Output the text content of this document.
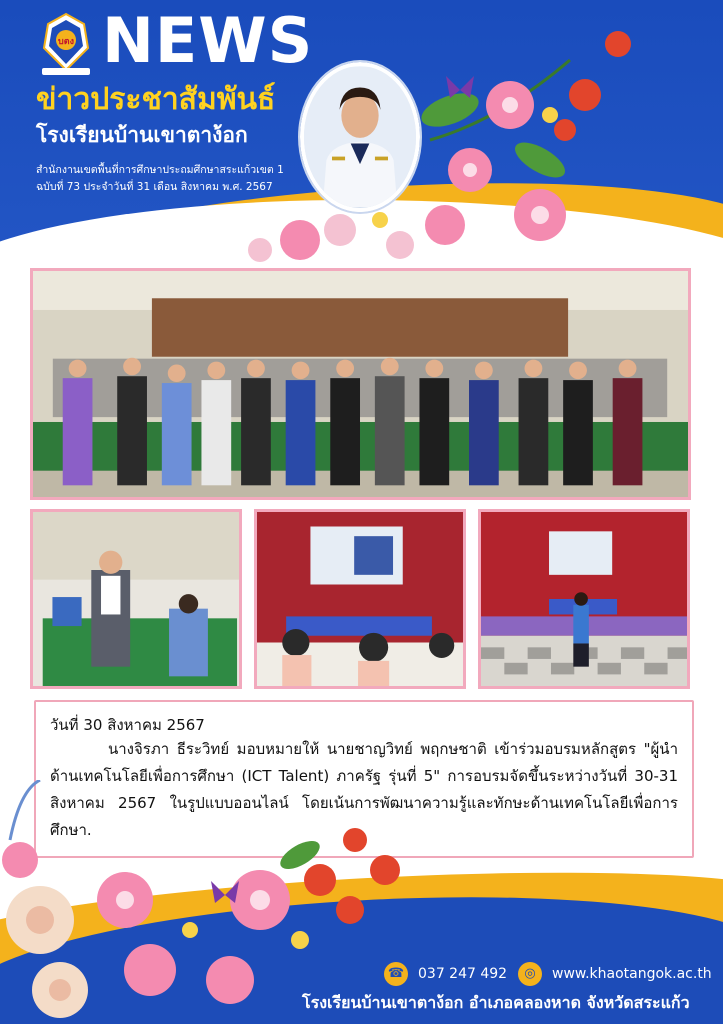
บตง NEWS
ข่าวประชาสัมพันธ์
โรงเรียนบ้านเขาตาง้อก
สำนักงานเขตพื้นที่การศึกษาประถมศึกษาสระแก้วเขต 1
ฉบับที่ 73 ประจำวันที่ 31 เดือน สิงหาคม พ.ศ. 2567
วันที่ 30 สิงหาคม 2567
นางจิรภา ธีระวิทย์ มอบหมายให้ นายชาญวิทย์ พฤกษชาติ เข้าร่วมอบรมหลักสูตร "ผู้นำด้านเทคโนโลยีเพื่อการศึกษา (ICT Talent) ภาครัฐ รุ่นที่ 5" การอบรมจัดขึ้นระหว่างวันที่ 30-31 สิงหาคม 2567 ในรูปแบบออนไลน์ โดยเน้นการพัฒนาความรู้และทักษะด้านเทคโนโลยีเพื่อการศึกษา.
☎ 037 247 492	◎	www.khaotangok.ac.th
โรงเรียนบ้านเขาตาง้อก อำเภอคลองหาด จังหวัดสระแก้ว
